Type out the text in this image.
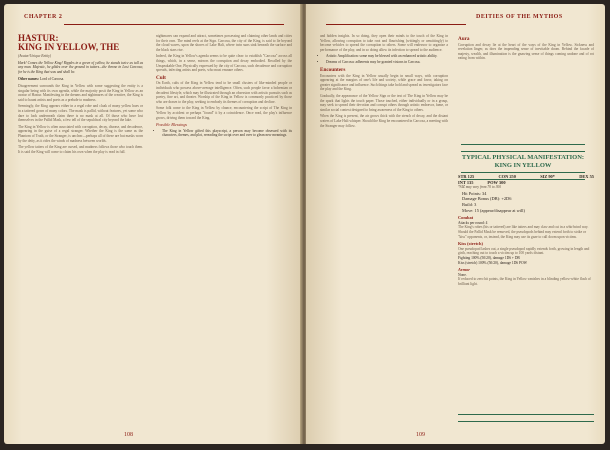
CHAPTER 2
HASTUR:
KING IN YELLOW, THE
(Avatar/Unique Entity)

Hark! Comes the Yellow King! Ripples in a green of yellow, he stands twice as tall as any man. Majestic, he glides over the ground in tatters—the throne in Lost Carcosa; for he is the King that was and shall be.

Other names: Lord of Carcosa.

Disagreement surrounds the King in Yellow with some suggesting the entity is a singular being with its own agenda, while the majority posit the King in Yellow as an avatar of Hastur. Manifesting in the dreams and nightmares of the creative, the King is said to haunt artists and poets as a prelude to madness.

Seemingly, the King appears either in a regal robe and cloak of many yellow hues or in a tattered gown of many colors. The mask is pallid, without features, yet some who dare to look underneath claim there is no mask at all. Of those who have lost themselves in the Pallid Mask, a few tell of the sepulchral city beyond the lake.

The King in Yellow is often associated with corruption, decay, disease, and decadence, appearing in the guise of a regal stranger. Whether the King is the same as the Phantom of Truth, or the Stranger, is unclear—perhaps all of these are but masks worn by the deity, as it rides the winds of madness between worlds.

The yellow tatters of the King are cursed, and madness follows those who touch them. It is said the King will come to claim his own when the play is read in full.

nightmares can expand and attract, sometimes possessing and claiming other lands and cities for their own. The mind reels at the Sign. Carcosa, the city of the King, is said to lie beyond the cloud waves, upon the shores of Lake Hali, where twin suns sink beneath the surface and the black stars rise.

Indeed, the King in Yellow's agenda seems to be quite clear: to establish "Carcosa" across all things, which, in a sense, mirrors the corruption and decay embodied. Recalled by the Unspeakable One, Physically expressed by the city of Carcosa, such decadence and corruption spreads, infecting artists and poets, who must ensnare others.

Cult

On Earth, cults of the King in Yellow tend to be small clusters of like-minded people or individuals who possess above-average intelligence. Often, such people favor a bohemian or decadent lifestyle, which may be illustrated through an obsession with artistic pursuits such as poetry, fine art, and theater. Worship of the King in Yellow is commonly practiced by those who are drawn to the play, seeking to embody its themes of corruption and decline.

Some folk come to the King in Yellow by chance, encountering the script of The King in Yellow by accident or perhaps "found" it by a coincidence. Once read, the play's influence grows, driving them toward the King.

Possible Blessings
• The King in Yellow gifted this playscript, a person may become obsessed with its characters, themes, and plot, rereading the script over and over to glean new meanings.
108
DEITIES OF THE MYTHOS

and hidden insights. In so doing, they open their minds to the touch of the King in Yellow, allowing corruption to take root and flourishing (wittingly or unwittingly) to become vehicles to spread the corruption to others. Some will endeavor to organize a performance of the play, and in so doing allow its infection to spread to the audience.

• Artistic Amplification: some may be blessed with an enhanced artistic ability.
• Dreams of Carcosa: adherents may be granted visions in Carcosa.
Encounters

Encounters with the King in Yellow usually begin in small ways, with corruption appearing at the margins of one's life and society, while grace and favor, taking on greater significance and influence. Such things take hold and spread as investigators face the play and the King.

Gradually, the appearance of the Yellow Sign or the text of The King in Yellow may be the spark that lights the touch paper. Those touched, either individually or in a group, may seek to spread their devotion and corrupt others through artistic endeavor, fame, or similar social context designed to bring awareness of the King to others.

When the King is present, the air grows thick with the stench of decay, and the distant waters of Lake Hali whisper. Should the King be encountered in Carcosa, a meeting with the Stranger may follow.

Aura

Corruption and decay lie at the heart of the ways of the King in Yellow. Sickness and revelation linger, as does the impending sense of inevitable doom. Behind the facade of majesty, wealth, and illumination is the gnawing sense of things coming undone and of rot eating from within.

TYPICAL PHYSICAL MANIFESTATION:
KING IN YELLOW
STR 125	CON 250	SIZ 90*	DEX 55
INT 135	POW 300
*SIZ may vary from 70 to 300
Hit Points: 34
Damage Bonus (DB): +2D6
Build: 3
Move: 15 (appear/disappear at will)
Combat
Attacks per round: 4
The King's robes (his or tattered) are like tatters and may claw and cut in a whirlwind way. Should the Pallid Mask be removed, the pseudopods behind may extend forth to strike or "kiss" opponents, or, instead, the King may use its gaze to call doom upon victims.
Kiss (stretch)
One pseudopod lashes out, a single pseudopod rapidly extends forth, growing in length and girth, reaching out to touch a victim up to 100 yards distant.
Fighting 100% (50/20), damage 1D6 + DB
Kiss (stretch) 100% (50/20), damage 1D6 POW
Armor
None.
If reduced to zero hit points, the King in Yellow vanishes in a blinding yellow-white flash of brilliant light.
109
